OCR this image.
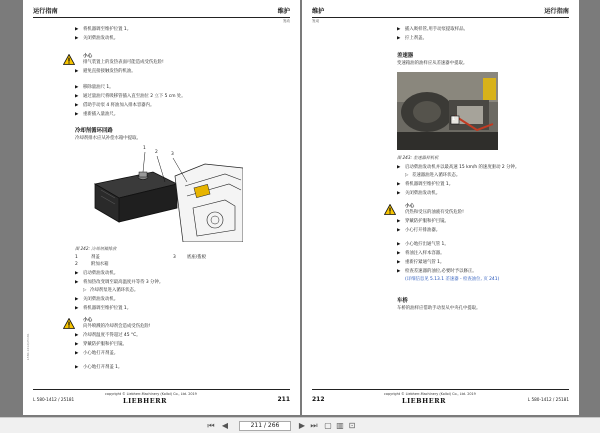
运行指南	维护
发动
▶ 将机器调至维护位置 1。
▶ 关闭柴油发动机。
小心
排气装置上的发热表面可能造成受伤危险!
▶ 避免直接接触发热的机油。
▶ 移除量油尺 1。
▶ 通过量油尺将吸移管插入直至油位 2 立下 5 cm 处。
▶ 借助手动泵 4 将油加入排本容器内。
▶ 重新插入量油尺。
冷却剂循环回路
冷却剂排水应从补偿水箱中提取。
1
2	3
图 242: 冷却剂箱排放
1	剂盖	3	底座/拨板
2	附加水箱
▶ 启动柴油发动机。
▶ 将加热改变调至最高温度并等待 3 分钟。
▷ 冷却剂泵进入循环状态。
▶ 关闭柴油发动机。
▶ 将机器调至维护位置 1。
小心
向外喷溅的冷却剂会造成受伤危险!
▶ 冷却剂温度不得超过 45 °C。
▶ 穿戴防护服和护目镜。
▶ 小心地打开剂盖。
▶ 小心地打开剂盖 1。
L580-1412/25181
L 580-1412 / 25181
copyright © Liebherr-Machinery (Kolloi) Co., Ltd. 2019
LIEBHERR	211
维护	运行指南
发动
▶ 插入吸样管,用手动泵提取样品。
▶ 拧上剂盖。
差速器
变速箱油的油样应从差速器中提取。
1
图 243: 差速器样机机
▶ 启动柴油发动机并以最高速 15 km/h 的速度驱动 2 分钟。
▷ 差速器油进入循环状态。
▶ 将机器调至维护位置 1。
▶ 关闭柴油发动机。
小心
仍热和受压的油液有受伤危险!
▶ 穿戴防护服和护目镜。
▶ 小心打开排油器。
▶ 小心地拧出通气管 1。
▶ 将油注入样本容器。
▶ 重新拧紧通气管 1。
▶ 检查差速器的油位,必要时予以修正。
(详细信息见 5.13.1 差速器 - 检查油位, 页 241)
车桥
车桥的油样应借助手动泵从中央孔中提取。
212
copyright © Liebherr-Machinery (Kolloi) Co., Ltd. 2019
LIEBHERR	L 580-1412 / 25181
⏮ ◀	211 / 266	▶ ⏭ ▢ ▥ ⊡
